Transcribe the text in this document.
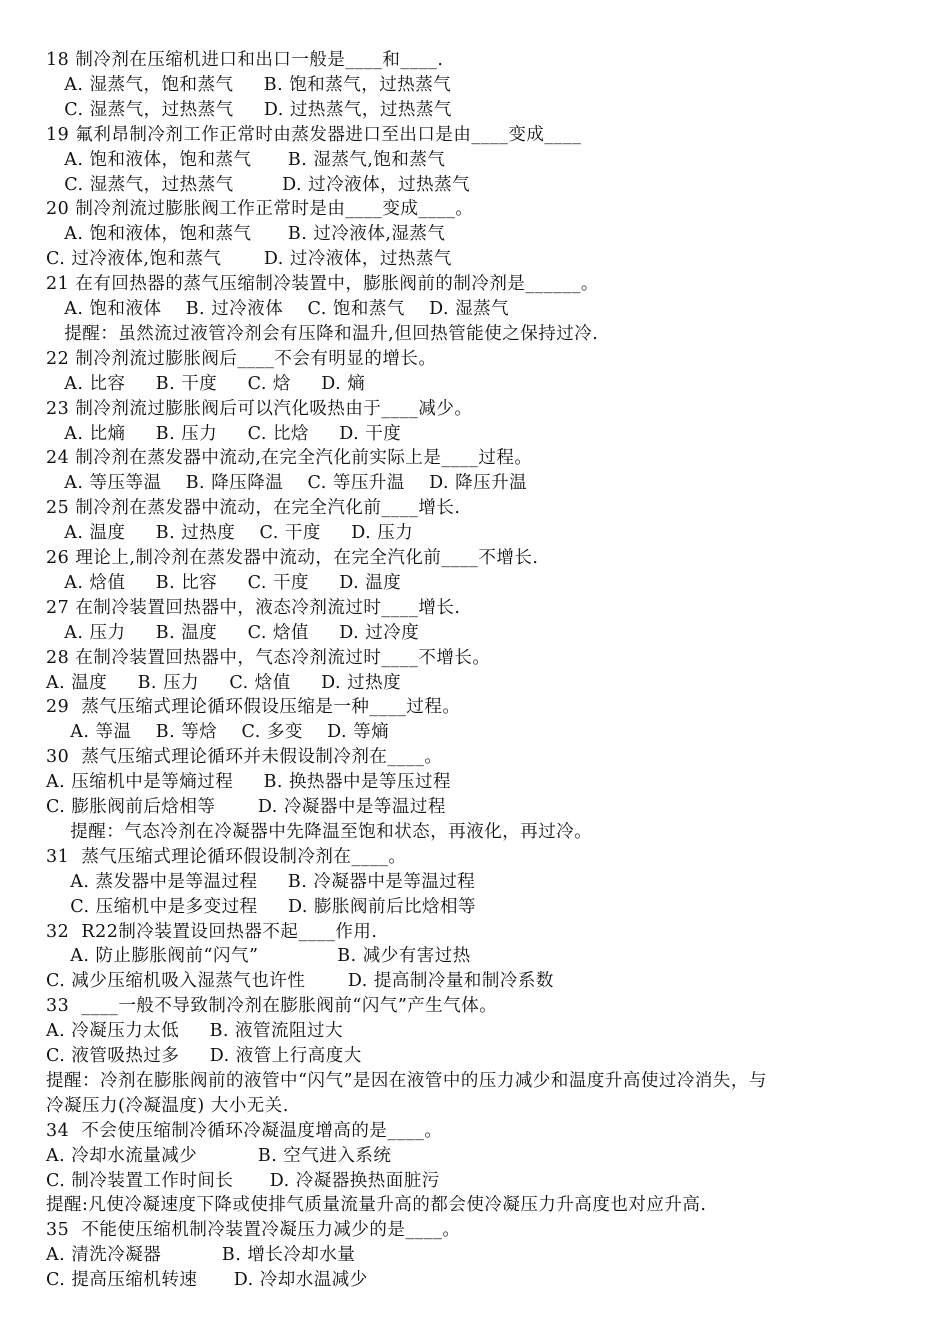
18 制冷剂在压缩机进口和出口一般是____和____.
A. 湿蒸气，饱和蒸气     B. 饱和蒸气，过热蒸气
C. 湿蒸气，过热蒸气     D. 过热蒸气，过热蒸气
19 氟利昂制冷剂工作正常时由蒸发器进口至出口是由____变成____
A. 饱和液体，饱和蒸气      B. 湿蒸气,饱和蒸气
C. 湿蒸气，过热蒸气        D. 过冷液体，过热蒸气
20 制冷剂流过膨胀阀工作正常时是由____变成____。
A. 饱和液体，饱和蒸气      B. 过冷液体,湿蒸气
C. 过冷液体,饱和蒸气       D. 过冷液体，过热蒸气
21 在有回热器的蒸气压缩制冷装置中，膨胀阀前的制冷剂是______。
A. 饱和液体    B. 过冷液体    C. 饱和蒸气    D. 湿蒸气
提醒：虽然流过液管冷剂会有压降和温升,但回热管能使之保持过冷.
22 制冷剂流过膨胀阀后____不会有明显的增长。
A. 比容     B. 干度     C. 焓     D. 熵
23 制冷剂流过膨胀阀后可以汽化吸热由于____减少。
A. 比熵     B. 压力     C. 比焓     D. 干度
24 制冷剂在蒸发器中流动,在完全汽化前实际上是____过程。
A. 等压等温    B. 降压降温    C. 等压升温    D. 降压升温
25 制冷剂在蒸发器中流动，在完全汽化前____增长.
A. 温度     B. 过热度    C. 干度     D. 压力
26 理论上,制冷剂在蒸发器中流动，在完全汽化前____不增长.
A. 焓值     B. 比容     C. 干度     D. 温度
27 在制冷装置回热器中，液态冷剂流过时____增长.
A. 压力     B. 温度     C. 焓值     D. 过冷度
28 在制冷装置回热器中，气态冷剂流过时____不增长。
A. 温度     B. 压力     C. 焓值     D. 过热度
29  蒸气压缩式理论循环假设压缩是一种____过程。
A. 等温    B. 等焓    C. 多变    D. 等熵
30  蒸气压缩式理论循环并未假设制冷剂在____。
A. 压缩机中是等熵过程     B. 换热器中是等压过程
C. 膨胀阀前后焓相等       D. 冷凝器中是等温过程
提醒：气态冷剂在冷凝器中先降温至饱和状态，再液化，再过冷。
31  蒸气压缩式理论循环假设制冷剂在____。
A. 蒸发器中是等温过程     B. 冷凝器中是等温过程
C. 压缩机中是多变过程     D. 膨胀阀前后比焓相等
32  R22制冷装置设回热器不起____作用.
A. 防止膨胀阀前“闪气”             B. 减少有害过热
C. 减少压缩机吸入湿蒸气也许性       D. 提高制冷量和制冷系数
33  ____一般不导致制冷剂在膨胀阀前“闪气”产生气体。
A. 冷凝压力太低     B. 液管流阻过大
C. 液管吸热过多     D. 液管上行高度大
提醒：冷剂在膨胀阀前的液管中“闪气”是因在液管中的压力减少和温度升高使过冷消失，与
冷凝压力(冷凝温度) 大小无关.
34  不会使压缩制冷循环冷凝温度增高的是____。
A. 冷却水流量减少          B. 空气进入系统
C. 制冷装置工作时间长      D. 冷凝器换热面脏污
提醒:凡使冷凝速度下降或使排气质量流量升高的都会使冷凝压力升高度也对应升高.
35  不能使压缩机制冷装置冷凝压力减少的是____。
A. 清洗冷凝器          B. 增长冷却水量
C. 提高压缩机转速      D. 冷却水温减少
